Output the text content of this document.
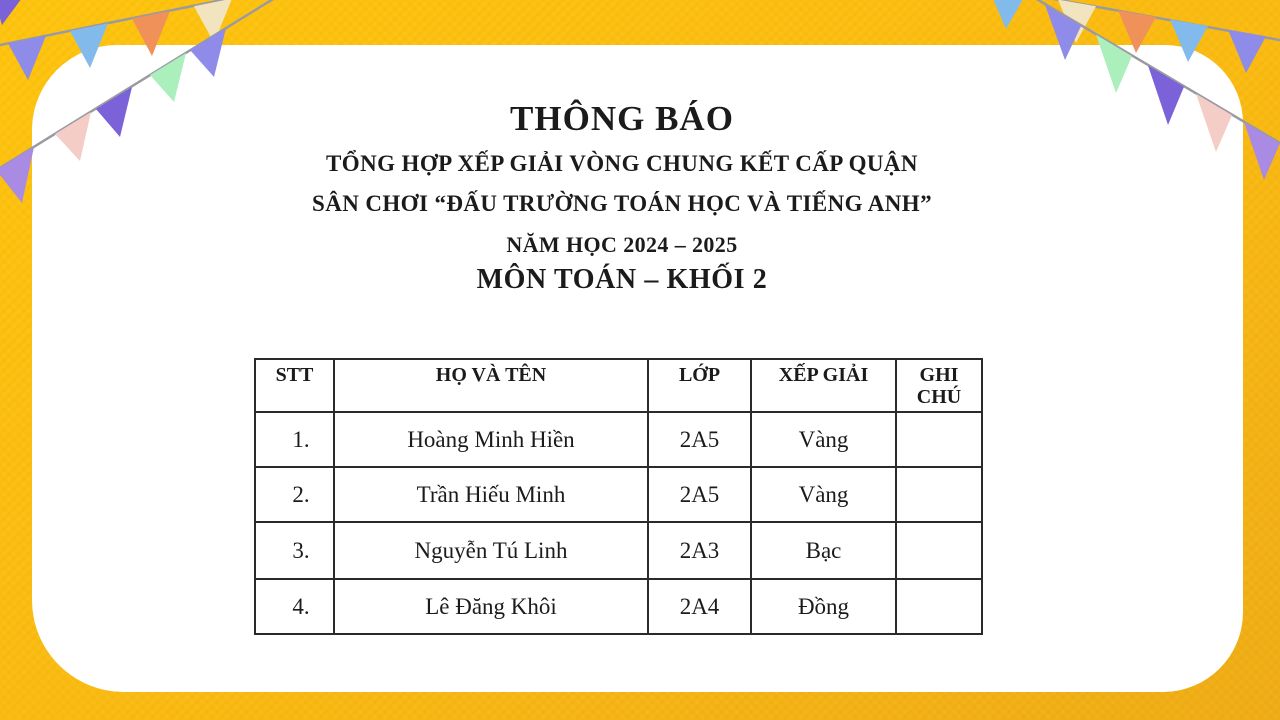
THÔNG BÁO
TỔNG HỢP XẾP GIẢI VÒNG CHUNG KẾT CẤP QUẬN
SÂN CHƠI “ĐẤU TRƯỜNG TOÁN HỌC VÀ TIẾNG ANH”
NĂM HỌC 2024 – 2025
MÔN TOÁN – KHỐI 2
STT	HỌ VÀ TÊN	LỚP	XẾP GIẢI	GHI CHÚ
1.	Hoàng Minh Hiền	2A5	Vàng	
2.	Trần Hiếu Minh	2A5	Vàng	
3.	Nguyễn Tú Linh	2A3	Bạc	
4.	Lê Đăng Khôi	2A4	Đồng	
